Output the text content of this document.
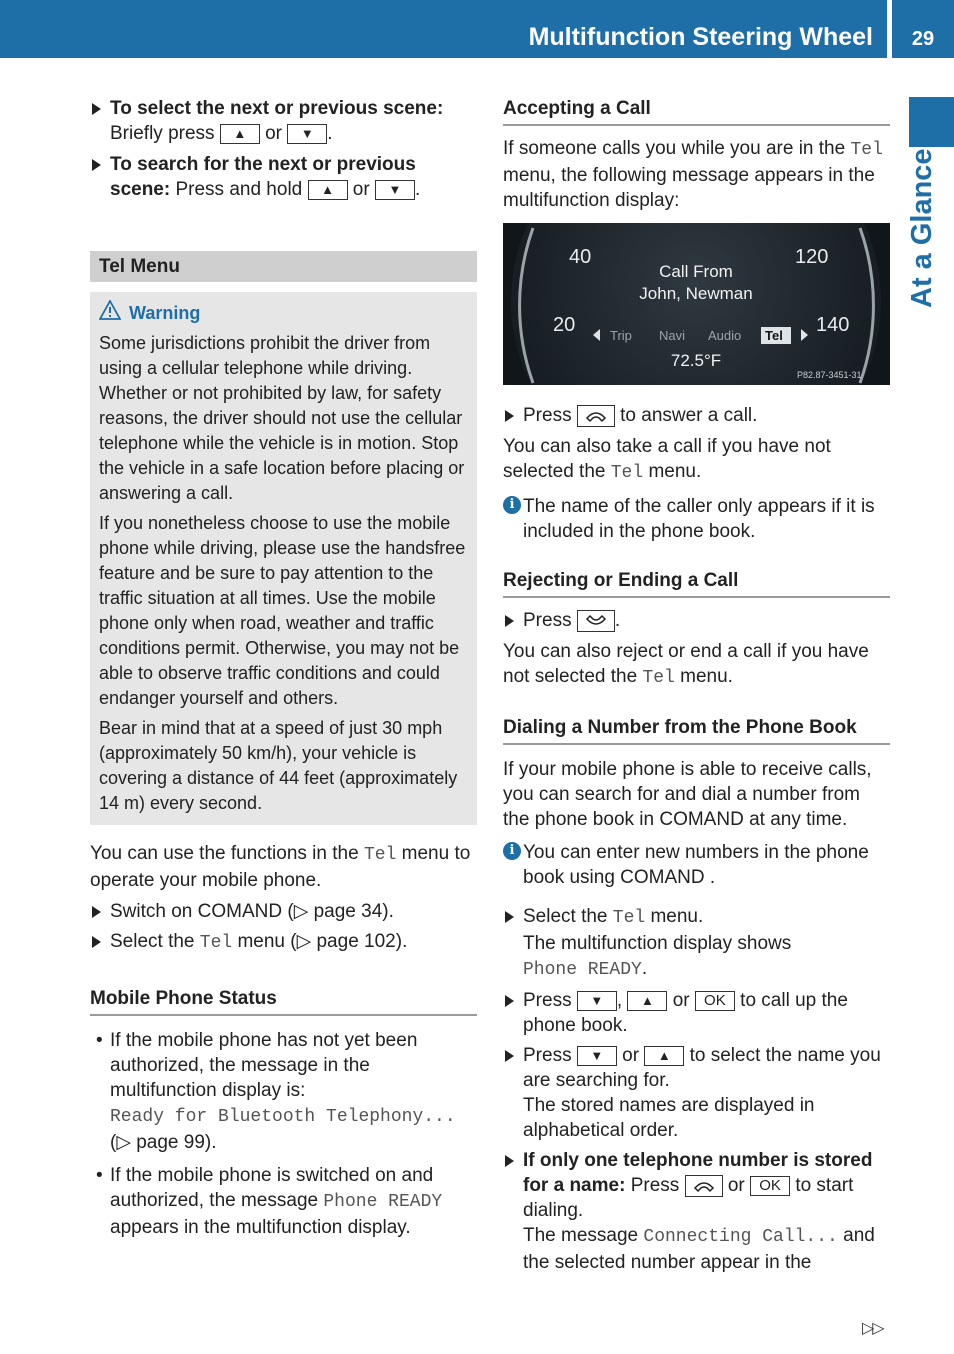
Multifunction Steering Wheel	29
At a Glance
To select the next or previous scene:
Briefly press ▲ or ▼ .
To search for the next or previous scene: Press and hold ▲ or ▼ .
Tel Menu
Warning

Some jurisdictions prohibit the driver from using a cellular telephone while driving. Whether or not prohibited by law, for safety reasons, the driver should not use the cellular telephone while the vehicle is in motion. Stop the vehicle in a safe location before placing or answering a call.

If you nonetheless choose to use the mobile phone while driving, please use the handsfree feature and be sure to pay attention to the traffic situation at all times. Use the mobile phone only when road, weather and traffic conditions permit. Otherwise, you may not be able to observe traffic conditions and could endanger yourself and others.

Bear in mind that at a speed of just 30 mph (approximately 50 km/h), your vehicle is covering a distance of 44 feet (approximately 14 m) every second.

You can use the functions in the Tel menu to operate your mobile phone.

Switch on COMAND (▷ page 34).
Select the Tel menu (▷ page 102).
Mobile Phone Status
• If the mobile phone has not yet been authorized, the message in the multifunction display is:
Ready for Bluetooth Telephony...
(▷ page 99).
• If the mobile phone is switched on and authorized, the message Phone READY appears in the multifunction display.
Accepting a Call

If someone calls you while you are in the Tel menu, the following message appears in the multifunction display:

40
20
120
140
Call From
John, Newman
Trip Navi Audio Tel
72.5°F
P82.87-3451-31
Press	to answer a call.

You can also take a call if you have not selected the Tel menu.

i The name of the caller only appears if it is included in the phone book.
Rejecting or Ending a Call
Press .

You can also reject or end a call if you have not selected the Tel menu.

Dialing a Number from the Phone Book

If your mobile phone is able to receive calls, you can search for and dial a number from the phone book in COMAND at any time.

i You can enter new numbers in the phone book using COMAND .
Select the Tel menu.
The multifunction display shows
Phone READY.
Press ▼ , ▲ or OK to call up the phone book.
Press ▼ or ▲ to select the name you are searching for.
The stored names are displayed in alphabetical order.
If only one telephone number is stored for a name: Press	or OK to start dialing.
The message Connecting Call... and the selected number appear in the
▷▷
